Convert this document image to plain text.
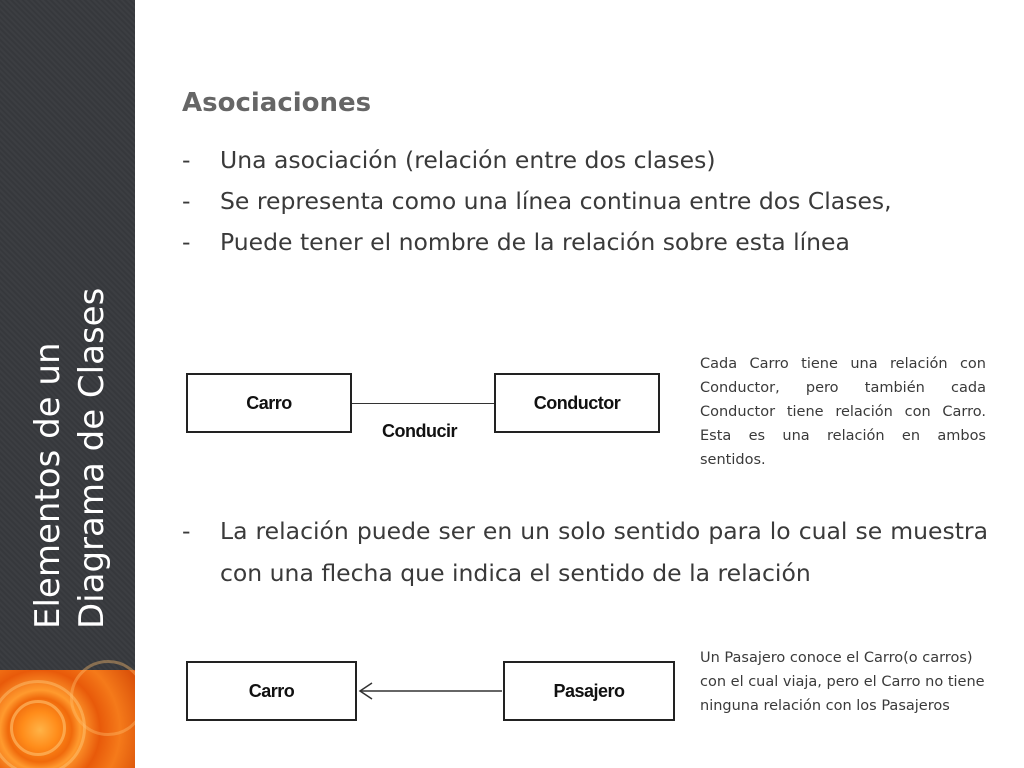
Elementos de un Diagrama de Clases
Asociaciones
- Una asociación (relación entre dos clases)
- Se representa como una línea continua entre dos Clases,
- Puede tener el nombre de la relación sobre esta línea
Carro	Conductor
Conducir
Cada Carro tiene una relación con Conductor, pero también cada Conductor tiene relación con Carro. Esta es una relación en ambos sentidos.
- La relación puede ser en un solo sentido para lo cual se muestra con una flecha que indica el sentido de la relación
Carro	Pasajero
Un Pasajero conoce el Carro(o carros) con el cual viaja, pero el Carro no tiene ninguna relación con los Pasajeros
